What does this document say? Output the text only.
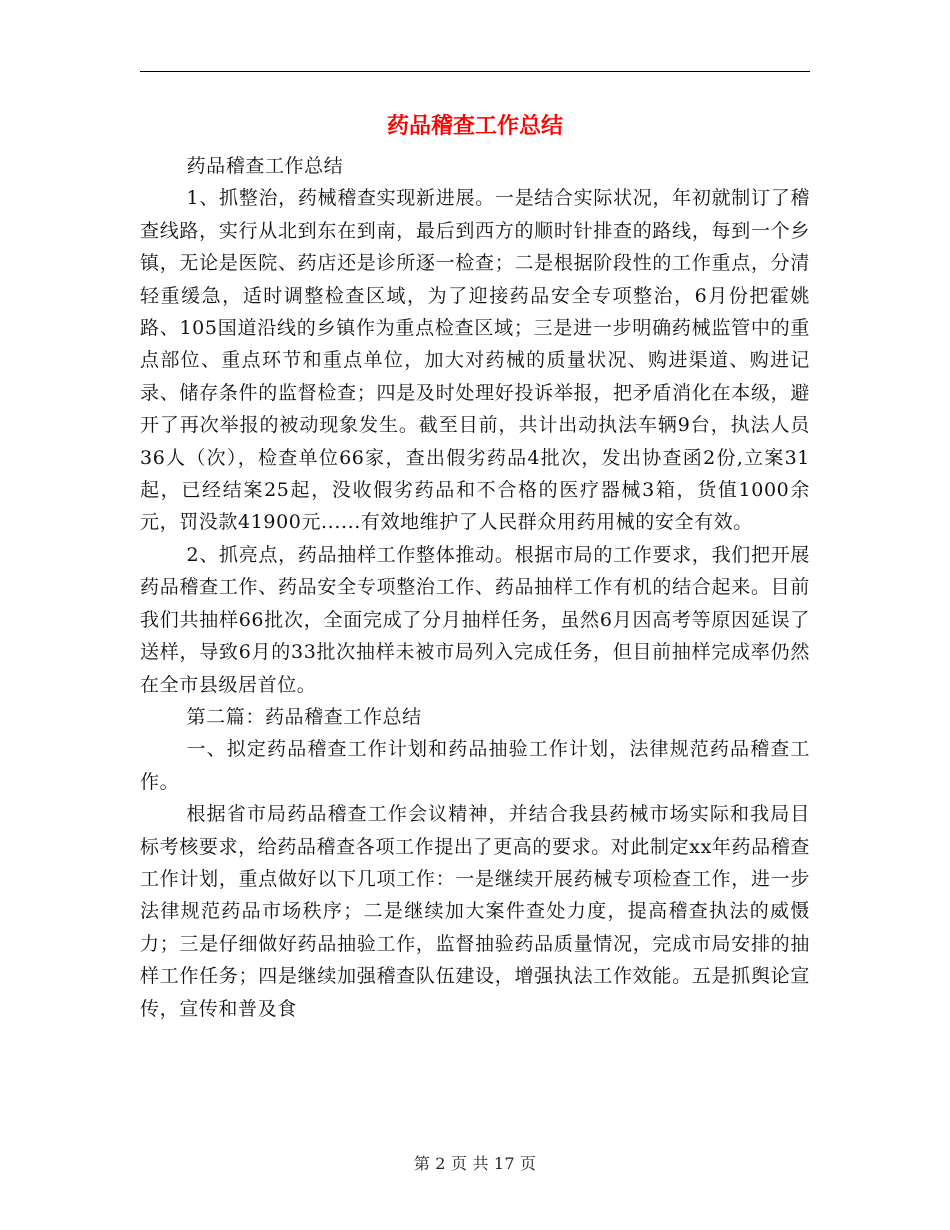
药品稽查工作总结

药品稽查工作总结

1、抓整治，药械稽查实现新进展。一是结合实际状况，年初就制订了稽查线路，实行从北到东在到南，最后到西方的顺时针排查的路线，每到一个乡镇，无论是医院、药店还是诊所逐一检查；二是根据阶段性的工作重点，分清轻重缓急，适时调整检查区域，为了迎接药品安全专项整治，6月份把霍姚路、105国道沿线的乡镇作为重点检查区域；三是进一步明确药械监管中的重点部位、重点环节和重点单位，加大对药械的质量状况、购进渠道、购进记录、储存条件的监督检查；四是及时处理好投诉举报，把矛盾消化在本级，避开了再次举报的被动现象发生。截至目前，共计出动执法车辆9台，执法人员36人（次），检查单位66家，查出假劣药品4批次，发出协查函2份,立案31起，已经结案25起，没收假劣药品和不合格的医疗器械3箱，货值1000余元，罚没款41900元......有效地维护了人民群众用药用械的安全有效。

2、抓亮点，药品抽样工作整体推动。根据市局的工作要求，我们把开展药品稽查工作、药品安全专项整治工作、药品抽样工作有机的结合起来。目前我们共抽样66批次，全面完成了分月抽样任务，虽然6月因高考等原因延误了送样，导致6月的33批次抽样未被市局列入完成任务，但目前抽样完成率仍然在全市县级居首位。

第二篇：药品稽查工作总结

一、拟定药品稽查工作计划和药品抽验工作计划，法律规范药品稽查工作。

根据省市局药品稽查工作会议精神，并结合我县药械市场实际和我局目标考核要求，给药品稽查各项工作提出了更高的要求。对此制定xx年药品稽查工作计划，重点做好以下几项工作：一是继续开展药械专项检查工作，进一步法律规范药品市场秩序；二是继续加大案件查处力度，提高稽查执法的威慑力；三是仔细做好药品抽验工作，监督抽验药品质量情况，完成市局安排的抽样工作任务；四是继续加强稽查队伍建设，增强执法工作效能。五是抓舆论宣传，宣传和普及食

第 2 页 共 17 页
